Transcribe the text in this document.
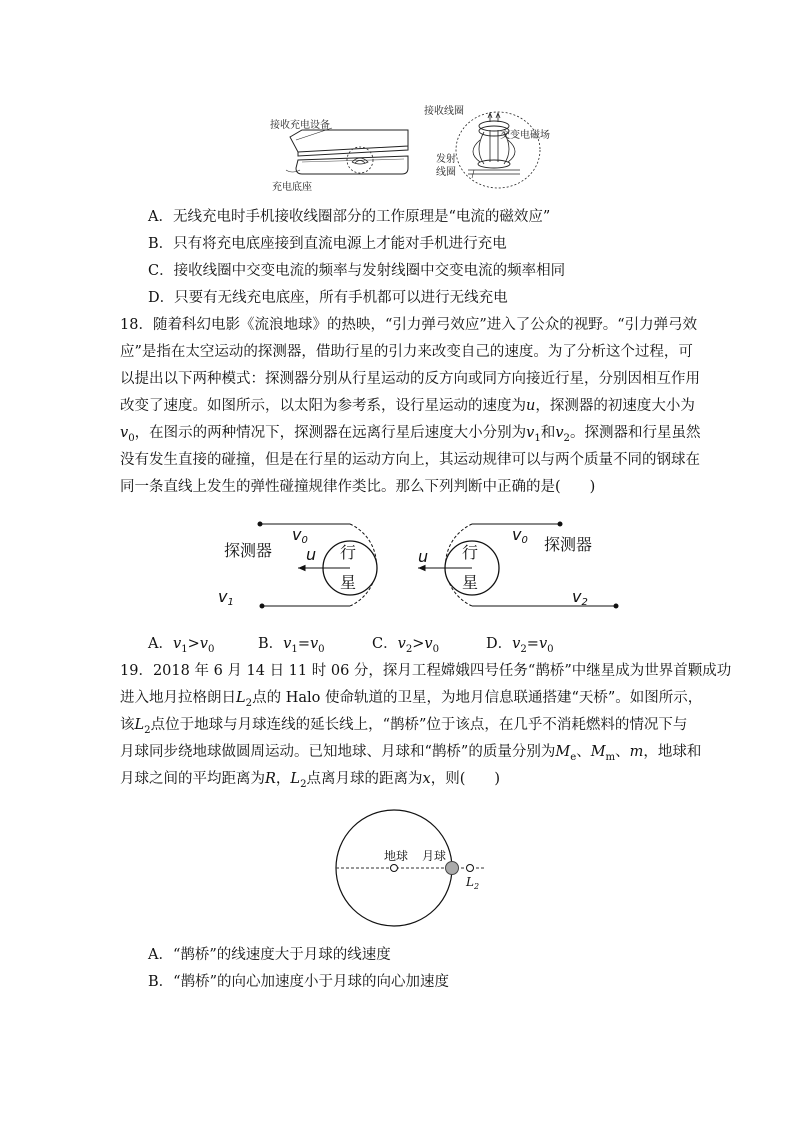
接收充电设备
充电底座
接收线圈
交变电磁场
发射
线圈
A．无线充电时手机接收线圈部分的工作原理是“电流的磁效应”
B．只有将充电底座接到直流电源上才能对手机进行充电
C．接收线圈中交变电流的频率与发射线圈中交变电流的频率相同
D．只要有无线充电底座，所有手机都可以进行无线充电
18．随着科幻电影《流浪地球》的热映，“引力弹弓效应”进入了公众的视野。“引力弹弓效
应”是指在太空运动的探测器，借助行星的引力来改变自己的速度。为了分析这个过程，可
以提出以下两种模式：探测器分别从行星运动的反方向或同方向接近行星，分别因相互作用
改变了速度。如图所示，以太阳为参考系，设行星运动的速度为u，探测器的初速度大小为
$v_0$，在图示的两种情况下，探测器在远离行星后速度大小分别为$v_1$和$v_2$。探测器和行星虽然
没有发生直接的碰撞，但是在行星的运动方向上，其运动规律可以与两个质量不同的钢球在
同一条直线上发生的弹性碰撞规律作类比。那么下列判断中正确的是(　　)
行
星
探测器 u
v0
v1
行
星
探测器
u
v0
v2
A．$v_1>v_0$	B．$v_1=v_0$	C．$v_2>v_0$	D．$v_2=v_0$
19．2018 年 6 月 14 日 11 时 06 分，探月工程嫦娥四号任务“鹊桥”中继星成为世界首颗成功
进入地月拉格朗日$L_2$点的 Halo 使命轨道的卫星，为地月信息联通搭建“天桥”。如图所示，
该$L_2$点位于地球与月球连线的延长线上，“鹊桥”位于该点，在几乎不消耗燃料的情况下与
月球同步绕地球做圆周运动。已知地球、月球和“鹊桥”的质量分别为$M_e$、$M_m$、m，地球和
月球之间的平均距离为R，$L_2$点离月球的距离为x，则(　　)
地球 月球
$L_2$
A．“鹊桥”的线速度大于月球的线速度
B．“鹊桥”的向心加速度小于月球的向心加速度
